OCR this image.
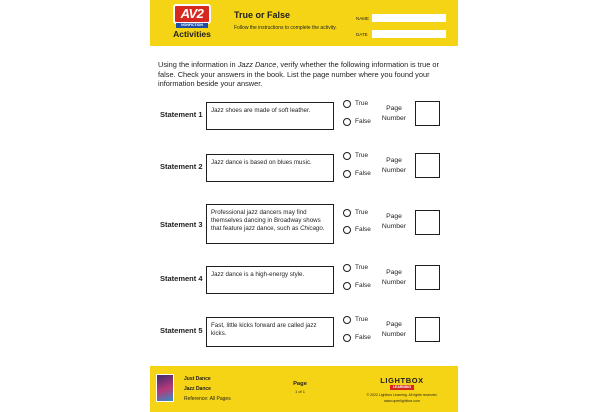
AV2
NONFICTION
Activities
True or False
Follow the instructions to complete the activity.
NAME
DATE
Using the information in Jazz Dance, verify whether the following information is true or false. Check your answers in the book. List the page number where you found your information beside your answer.
Statement 1	Jazz shoes are made of soft leather.
True
False
Page
Number
Statement 2	Jazz dance is based on blues music.
True
False
Page
Number
Statement 3
Professional jazz dancers may find themselves dancing in Broadway shows that feature jazz dance, such as Chicago.
True
False
Page
Number
Statement 4	Jazz dance is a high-energy style.
True
False
Page
Number
Statement 5
Fast, little kicks forward are called jazz kicks.
True
False
Page
Number
Just Dance
Jazz Dance
Reference: All Pages
Page
1 of 1
LIGHTBOX
LEARNING
© 2022 Lightbox Learning. All rights reserved.
www.openlightbox.com
